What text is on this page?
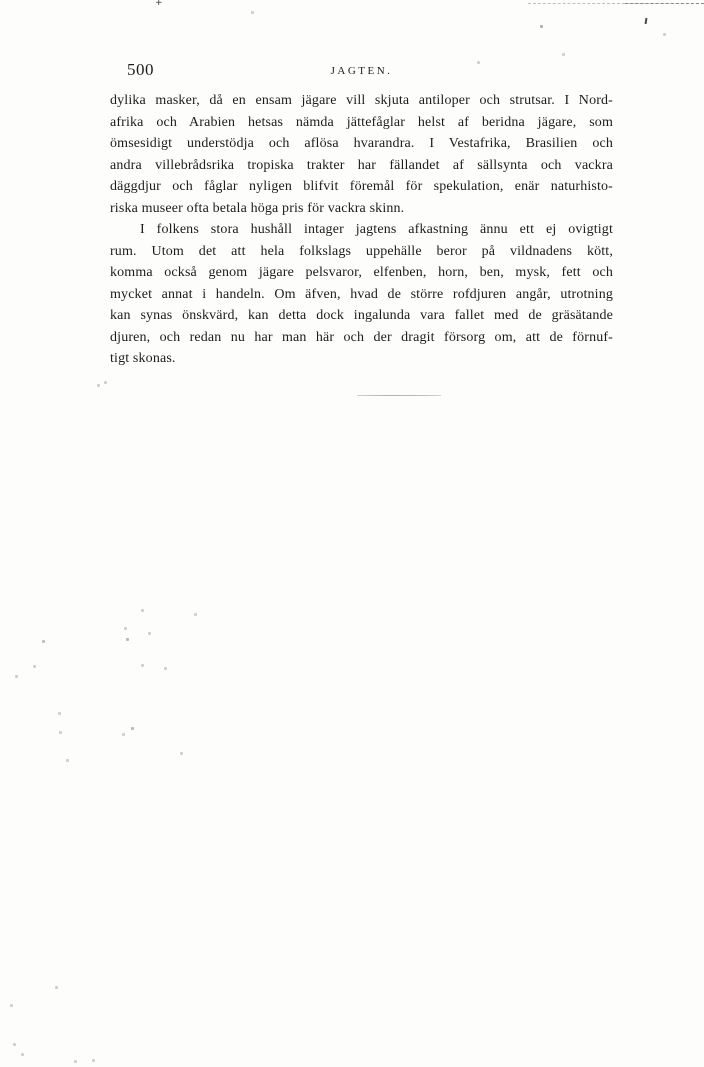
+
500	JAGTEN.
dylika masker, då en ensam jägare vill skjuta antiloper och strutsar. I Nord-
afrika och Arabien hetsas nämda jättefåglar helst af beridna jägare, som
ömsesidigt understödja och aflösa hvarandra. I Vestafrika, Brasilien och
andra villebrådsrika tropiska trakter har fällandet af sällsynta och vackra
däggdjur och fåglar nyligen blifvit föremål för spekulation, enär naturhisto-
riska museer ofta betala höga pris för vackra skinn.
I folkens stora hushåll intager jagtens afkastning ännu ett ej ovigtigt
rum. Utom det att hela folkslags uppehälle beror på vildnadens kött,
komma också genom jägare pelsvaror, elfenben, horn, ben, mysk, fett och
mycket annat i handeln. Om äfven, hvad de större rofdjuren angår, utrotning
kan synas önskvärd, kan detta dock ingalunda vara fallet med de gräsätande
djuren, och redan nu har man här och der dragit försorg om, att de förnuf-
tigt skonas.
